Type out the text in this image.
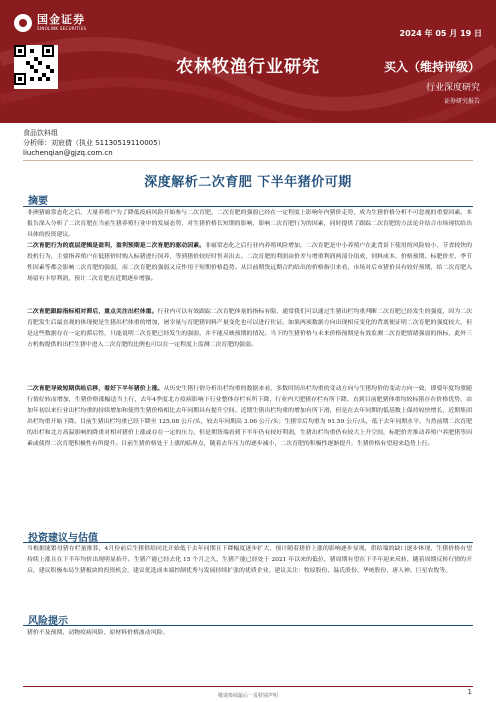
国金证券
SINOLINK SECURITIES
2024 年 05 月 19 日
农林牧渔行业研究	买入（维持评级）
行业深度研究
证券研究报告
食品饮料组
分析师：刘宸倩（执业 S1130519110005）
liuchenqian@gjzq.com.cn
深度解析二次育肥 下半年猪价可期
摘要
非洲猪瘟常态化之后，大量养殖户为了降低疫病风险开始参与二次育肥，二次育肥的强弱已经在一定程度上影响年内猪价走势，成为生猪价格分析不可忽视的重要因素。本报告深入分析了二次育肥在当前生猪养殖行业中的发展态势，对生猪价格长短期的影响，影响二次育肥行为的因素，同时提供了跟踪二次育肥的方法论并结合市场现状给出具体的投资建议。
二次育肥行为的底层逻辑是盈利，盈利预期是二次育肥的驱动因素。非瘟常态化之后行业内养殖风险增加，二次育肥是中小养殖户在此背景下使用的风险较小、节省较快的投机行为，主要指养殖户在低猪价时购入标猪进行饲养，等到猪价较好时售卖出去。二次育肥的利润由价差与增重利润两部分组成，饲料成本、价格预期、标肥价差、季节性因素等都会影响二次育肥的强弱，而二次育肥的强弱又反作用于短期价格趋势。从目前期货远期合约给出的价格指引来看，市场对后市猪价具有较好预期，给二次育肥入场留有丰厚利润，预计二次育肥在近期逐步增强。
二次育肥跟踪指标相对滞后，重点关注出栏体重。行业内可以有效跟踪二次育肥体量的指标有限，通常我们可以通过生猪出栏均重判断二次育肥已经发生的强度，因为二次育肥发生后最直观的体现便是生猪出栏体重的增加，屠宰量与育肥猪饲料产量变化也可以进行佐证。如果两项数据方向出现相反变化的背离便证明二次育肥的强度较大，但是这些数据存在一定的滞后性，只能说明二次育肥已经发生的强弱，并不能反映预期的情况。当下的生猪价格与未来价格预期是有效监测二次育肥情绪强弱的指标，此外三方机构提供的出栏生猪中进入二次育肥的比例也可以在一定程度上监测二次育肥的强弱。
二次育肥导致短期供给后移，看好下半年猪价上涨。从历史生猪行情分析出栏均重的数据来看，多数时间出栏均重的变动方向与生猪均价的变动方向一致，即要年度均重随行情好转而增加，生猪价格涨幅适当上行，去年4季度北方疫病影响下行业整体存栏有所下降，行业内大肥猪存栏有所下降，直到目前肥猪体重均较标猪存在价格优势，由加年初以来行业出栏均重的持续增加和使得生猪价格相比去年同期具有提升空间。近期生猪出栏均重的增加有所下滑，但是在去年同期的低基数上保持较快增长，近期集团出栏均重开始下降。目前生猪出栏均重已经下降至 125.08 公斤/头，较去年同期高 3.06 公斤/头；生猪宰后均重为 91.59 公斤/头，低于去年同期水平。当然前期二次育肥的出栏和北方高温影响的降重对相对猪价上涨或存在一定的压力，但是期货端看到下半年仍有较好利润，生猪出栏均重仍有较大上升空间，标肥价差推动养殖户养肥猪等因素或使得二次育肥积极性有所提升。目前生猪价格处于上涨的临界点，随着去年压力的逐步减小，二次育肥的积极性逐渐提升，生猪价格有望迎来趋势上行。
投资建议与估值
当根据能繁母猪存栏量推算，4月份前后生猪供给同比开始低于去年同期且下降幅度逐步扩大，预计随着猪价上涨的影响逐步显现，供给端的缺口逐步体现，生猪价格有望持续上涨且在下半年均价出现明显抬升。生猪产能已经去化 15 个月之久，生猪产能已经处于 2021 年以来的低位，猪周期有望在下半年迎来反转，随着周期反转行情的开启，建议积极布局生猪板块的投资机会，建议优选成本端控制优秀与发展持续扩张的优质企业。建议关注：牧原股份、温氏股份、华统股份、唐人神、巨星农牧等。
风险提示
猪价不及预期、动物疫病风险、原材料价格波动风险。
敬请参阅最后一页特别声明	1
